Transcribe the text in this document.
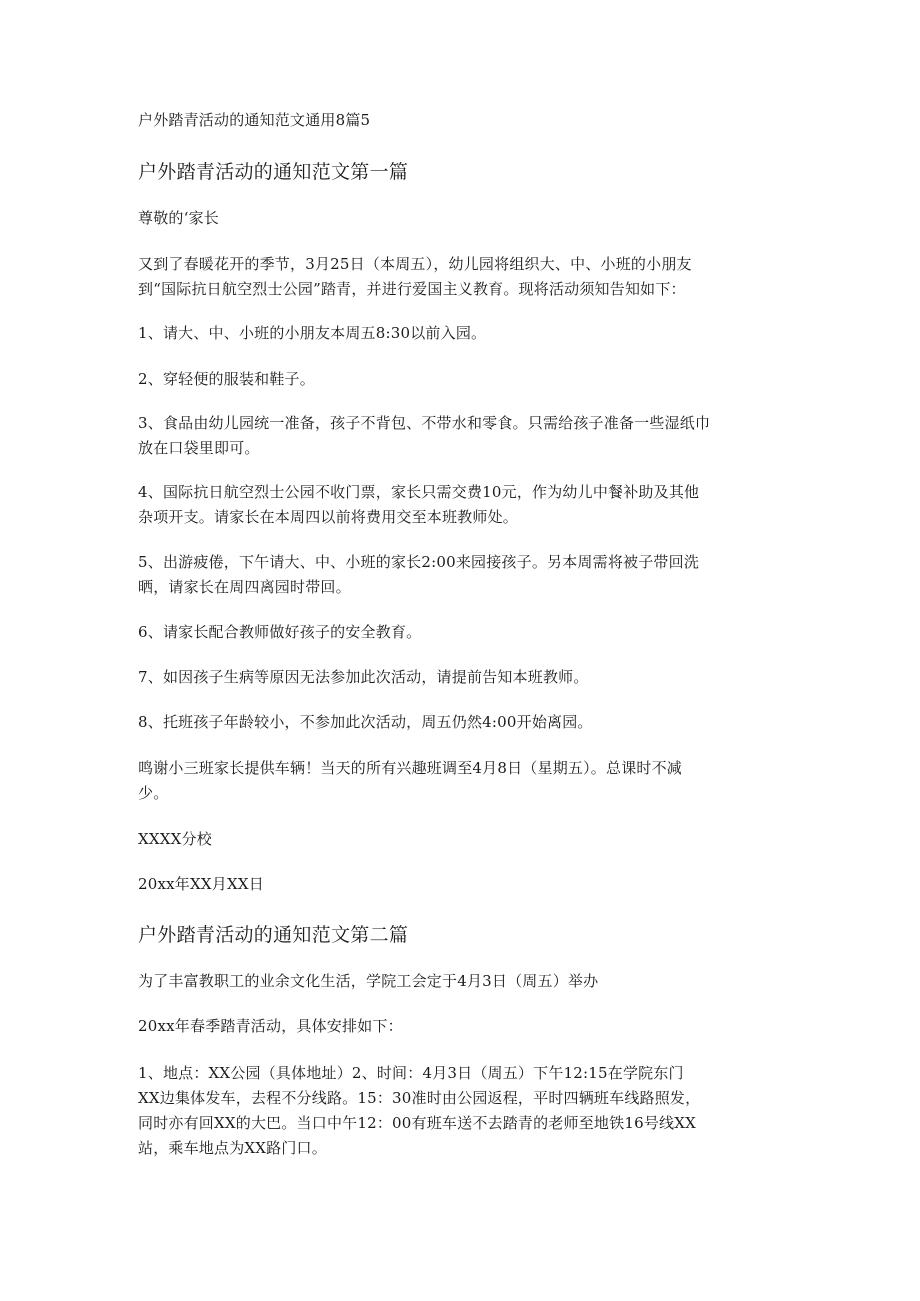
户外踏青活动的通知范文通用8篇5
户外踏青活动的通知范文第一篇
尊敬的‘家长
又到了春暖花开的季节，3月25日（本周五），幼儿园将组织大、中、小班的小朋友
到“国际抗日航空烈士公园”踏青，并进行爱国主义教育。现将活动须知告知如下：
1、请大、中、小班的小朋友本周五8:30以前入园。
2、穿轻便的服装和鞋子。
3、食品由幼儿园统一准备，孩子不背包、不带水和零食。只需给孩子准备一些湿纸巾
放在口袋里即可。
4、国际抗日航空烈士公园不收门票，家长只需交费10元，作为幼儿中餐补助及其他
杂项开支。请家长在本周四以前将费用交至本班教师处。
5、出游疲倦，下午请大、中、小班的家长2:00来园接孩子。另本周需将被子带回洗
晒，请家长在周四离园时带回。
6、请家长配合教师做好孩子的安全教育。
7、如因孩子生病等原因无法参加此次活动，请提前告知本班教师。
8、托班孩子年龄较小，不参加此次活动，周五仍然4:00开始离园。
鸣谢小三班家长提供车辆！当天的所有兴趣班调至4月8日（星期五）。总课时不减
少。
XXXX分校
20xx年XX月XX日
户外踏青活动的通知范文第二篇
为了丰富教职工的业余文化生活，学院工会定于4月3日（周五）举办
20xx年春季踏青活动，具体安排如下：
1、地点：XX公园（具体地址）2、时间：4月3日（周五）下午12:15在学院东门
XX边集体发车，去程不分线路。15：30准时由公园返程，平时四辆班车线路照发，
同时亦有回XX的大巴。当口中午12：00有班车送不去踏青的老师至地铁16号线XX
站，乘车地点为XX路门口。
